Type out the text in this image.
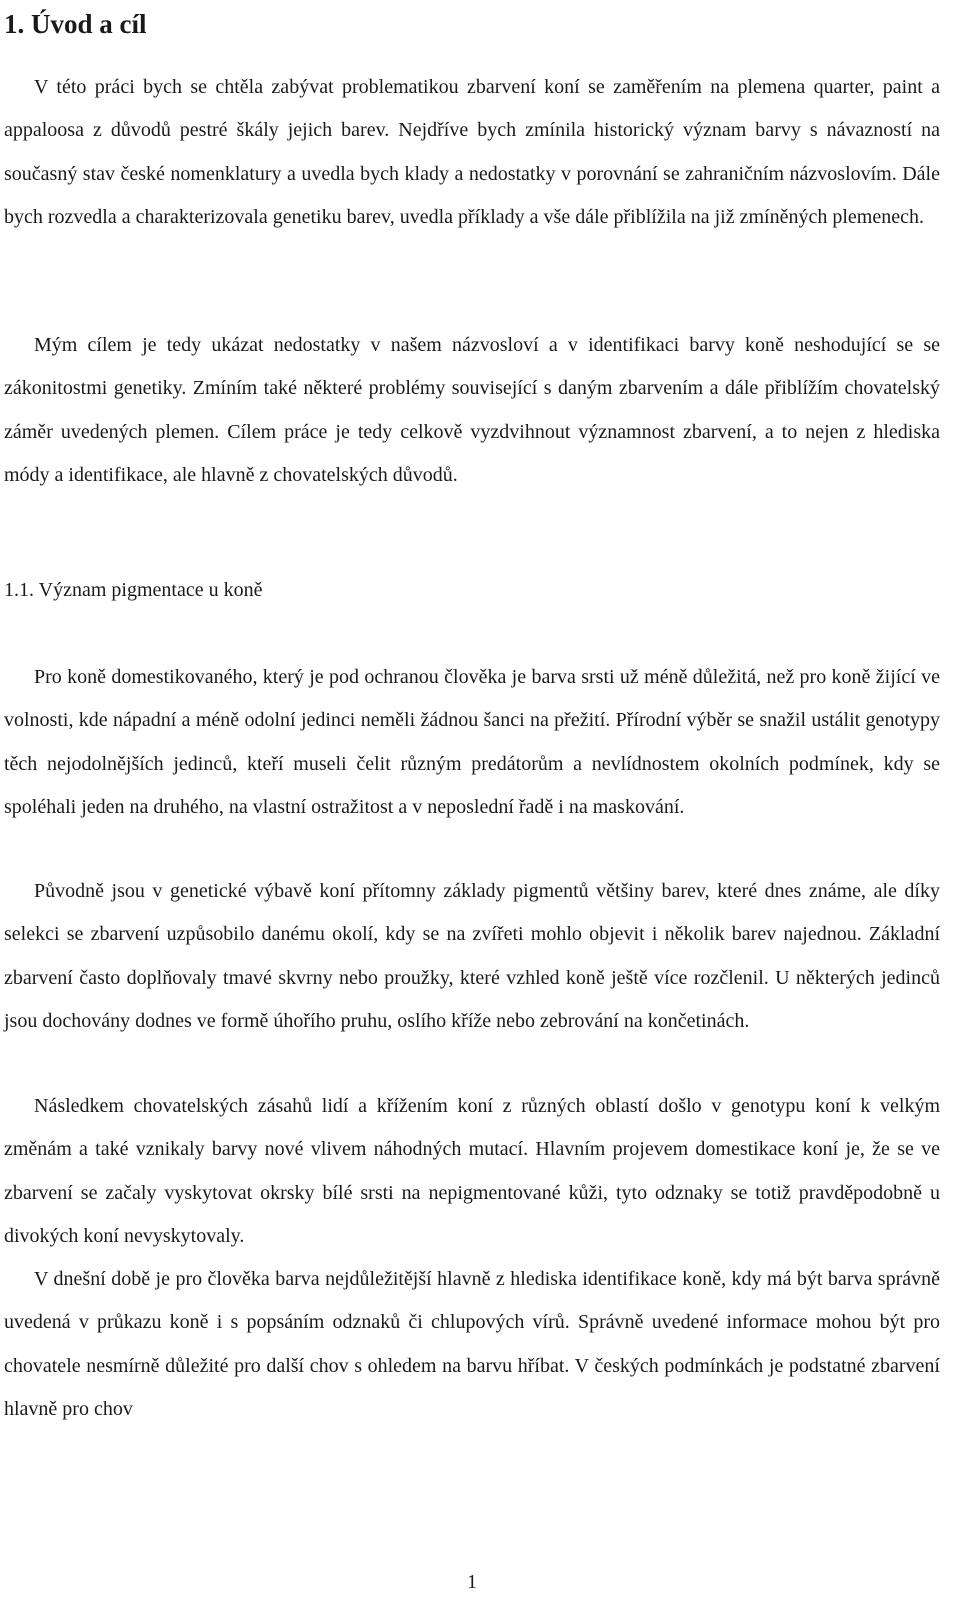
1. Úvod a cíl

V této práci bych se chtěla zabývat problematikou zbarvení koní se zaměřením na plemena quarter, paint a appaloosa z důvodů pestré škály jejich barev. Nejdříve bych zmínila historický význam barvy s návazností na současný stav české nomenklatury a uvedla bych klady a nedostatky v porovnání se zahraničním názvoslovím. Dále bych rozvedla a charakterizovala genetiku barev, uvedla příklady a vše dále přiblížila na již zmíněných plemenech.

Mým cílem je tedy ukázat nedostatky v našem názvosloví a v identifikaci barvy koně neshodující se se zákonitostmi genetiky. Zmíním také některé problémy související s daným zbarvením a dále přiblížím chovatelský záměr uvedených plemen. Cílem práce je tedy celkově vyzdvihnout významnost zbarvení, a to nejen z hlediska módy a identifikace, ale hlavně z chovatelských důvodů.

1.1. Význam pigmentace u koně

Pro koně domestikovaného, který je pod ochranou člověka je barva srsti už méně důležitá, než pro koně žijící ve volnosti, kde nápadní a méně odolní jedinci neměli žádnou šanci na přežití. Přírodní výběr se snažil ustálit genotypy těch nejodolnějších jedinců, kteří museli čelit různým predátorům a nevlídnostem okolních podmínek, kdy se spoléhali jeden na druhého, na vlastní ostražitost a v neposlední řadě i na maskování.

Původně jsou v genetické výbavě koní přítomny základy pigmentů většiny barev, které dnes známe, ale díky selekci se zbarvení uzpůsobilo danému okolí, kdy se na zvířeti mohlo objevit i několik barev najednou. Základní zbarvení často doplňovaly tmavé skvrny nebo proužky, které vzhled koně ještě více rozčlenil. U některých jedinců jsou dochovány dodnes ve formě úhořího pruhu, oslího kříže nebo zebrování na končetinách.

Následkem chovatelských zásahů lidí a křížením koní z různých oblastí došlo v genotypu koní k velkým změnám a také vznikaly barvy nové vlivem náhodných mutací. Hlavním projevem domestikace koní je, že se ve zbarvení se začaly vyskytovat okrsky bílé srsti na nepigmentované kůži, tyto odznaky se totiž pravděpodobně u divokých koní nevyskytovaly.

V dnešní době je pro člověka barva nejdůležitější hlavně z hlediska identifikace koně, kdy má být barva správně uvedená v průkazu koně i s popsáním odznaků či chlupových vírů. Správně uvedené informace mohou být pro chovatele nesmírně důležité pro další chov s ohledem na barvu hříbat. V českých podmínkách je podstatné zbarvení hlavně pro chov

1
